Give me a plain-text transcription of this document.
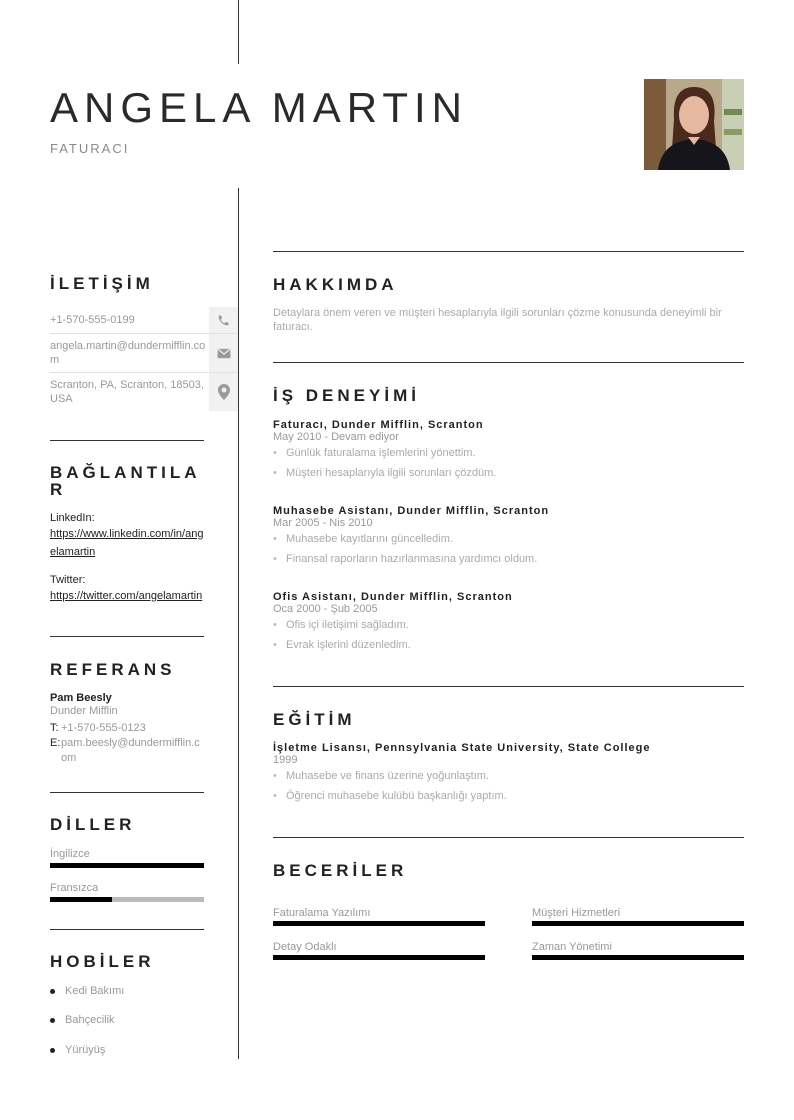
ANGELA MARTIN
FATURACI
İLETİŞİM
+1-570-555-0199
angela.martin@dundermifflin.com
Scranton, PA, Scranton, 18503, USA
BAĞLANTILAR
LinkedIn:
https://www.linkedin.com/in/angelamartin
Twitter:
https://twitter.com/angelamartin
REFERANS
Pam Beesly
Dunder Mifflin
T: +1-570-555-0123
E: pam.beesly@dundermifflin.com
DİLLER
İngilizce
Fransızca
HOBİLER
Kedi Bakımı
Bahçecilik
Yürüyüş
HAKKIMDA
Detaylara önem veren ve müşteri hesaplarıyla ilgili sorunları çözme konusunda deneyimli bir faturacı.
İŞ DENEYİMİ
Faturacı, Dunder Mifflin, Scranton
May 2010 - Devam ediyor
• Günlük faturalama işlemlerini yönettim.
• Müşteri hesaplarıyla ilgili sorunları çözdüm.
Muhasebe Asistanı, Dunder Mifflin, Scranton
Mar 2005 - Nis 2010
• Muhasebe kayıtlarını güncelledim.
• Finansal raporların hazırlanmasına yardımcı oldum.
Ofis Asistanı, Dunder Mifflin, Scranton
Oca 2000 - Şub 2005
• Ofis içi iletişimi sağladım.
• Evrak işlerini düzenledim.
EĞİTİM
İşletme Lisansı, Pennsylvania State University, State College
1999
• Muhasebe ve finans üzerine yoğunlaştım.
• Öğrenci muhasebe kulübü başkanlığı yaptım.
BECERİLER
Faturalama Yazılımı	Müşteri Hizmetleri
Detay Odaklı	Zaman Yönetimi
